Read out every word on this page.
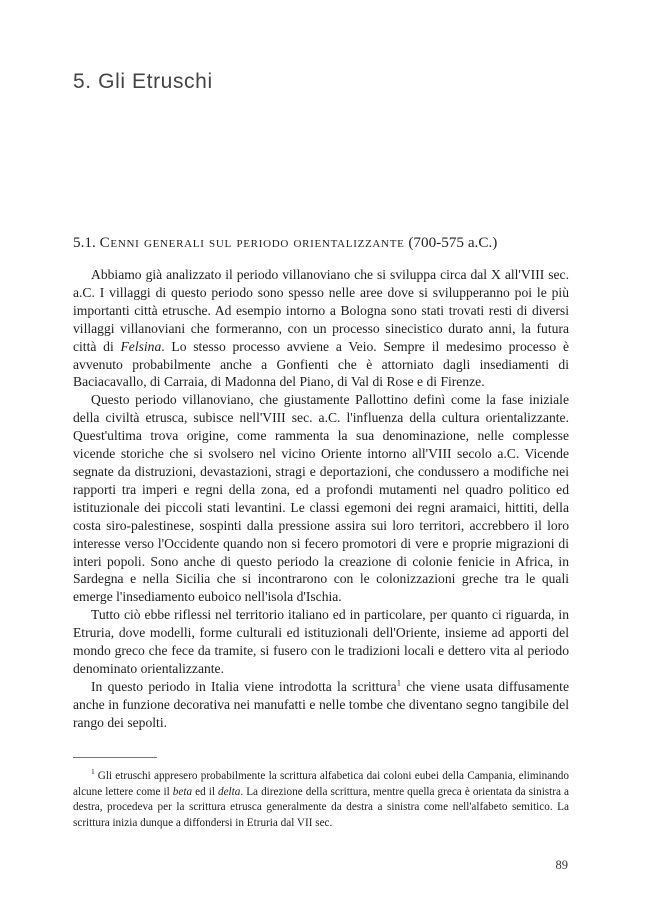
5. Gli Etruschi
5.1. Cenni generali sul periodo orientalizzante (700-575 a.C.)

Abbiamo già analizzato il periodo villanoviano che si sviluppa circa dal X all'VIII sec. a.C. I villaggi di questo periodo sono spesso nelle aree dove si svilupperanno poi le più importanti città etrusche. Ad esempio intorno a Bologna sono stati trovati resti di diversi villaggi villanoviani che formeranno, con un processo sinecistico durato anni, la futura città di Felsina. Lo stesso processo avviene a Veio. Sempre il medesimo processo è avvenuto probabilmente anche a Gonfienti che è attorniato dagli insediamenti di Baciacavallo, di Carraia, di Madonna del Piano, di Val di Rose e di Firenze.

Questo periodo villanoviano, che giustamente Pallottino definì come la fase iniziale della civiltà etrusca, subisce nell'VIII sec. a.C. l'influenza della cultura orientalizzante. Quest'ultima trova origine, come rammenta la sua denominazione, nelle complesse vicende storiche che si svolsero nel vicino Oriente intorno all'VIII secolo a.C. Vicende segnate da distruzioni, devastazioni, stragi e deportazioni, che condussero a modifiche nei rapporti tra imperi e regni della zona, ed a profondi mutamenti nel quadro politico ed istituzionale dei piccoli stati levantini. Le classi egemoni dei regni aramaici, hittiti, della costa siro-palestinese, sospinti dalla pressione assira sui loro territori, accrebbero il loro interesse verso l'Occidente quando non si fecero promotori di vere e proprie migrazioni di interi popoli. Sono anche di questo periodo la creazione di colonie fenicie in Africa, in Sardegna e nella Sicilia che si incontrarono con le colonizzazioni greche tra le quali emerge l'insediamento euboico nell'isola d'Ischia.

Tutto ciò ebbe riflessi nel territorio italiano ed in particolare, per quanto ci riguarda, in Etruria, dove modelli, forme culturali ed istituzionali dell'Oriente, insieme ad apporti del mondo greco che fece da tramite, si fusero con le tradizioni locali e dettero vita al periodo denominato orientalizzante.

In questo periodo in Italia viene introdotta la scrittura$^1$ che viene usata diffusamente anche in funzione decorativa nei manufatti e nelle tombe che diventano segno tangibile del rango dei sepolti.

$^1$ Gli etruschi appresero probabilmente la scrittura alfabetica dai coloni eubei della Campania, eliminando alcune lettere come il beta ed il delta. La direzione della scrittura, mentre quella greca è orientata da sinistra a destra, procedeva per la scrittura etrusca generalmente da destra a sinistra come nell'alfabeto semitico. La scrittura inizia dunque a diffondersi in Etruria dal VII sec.

89
